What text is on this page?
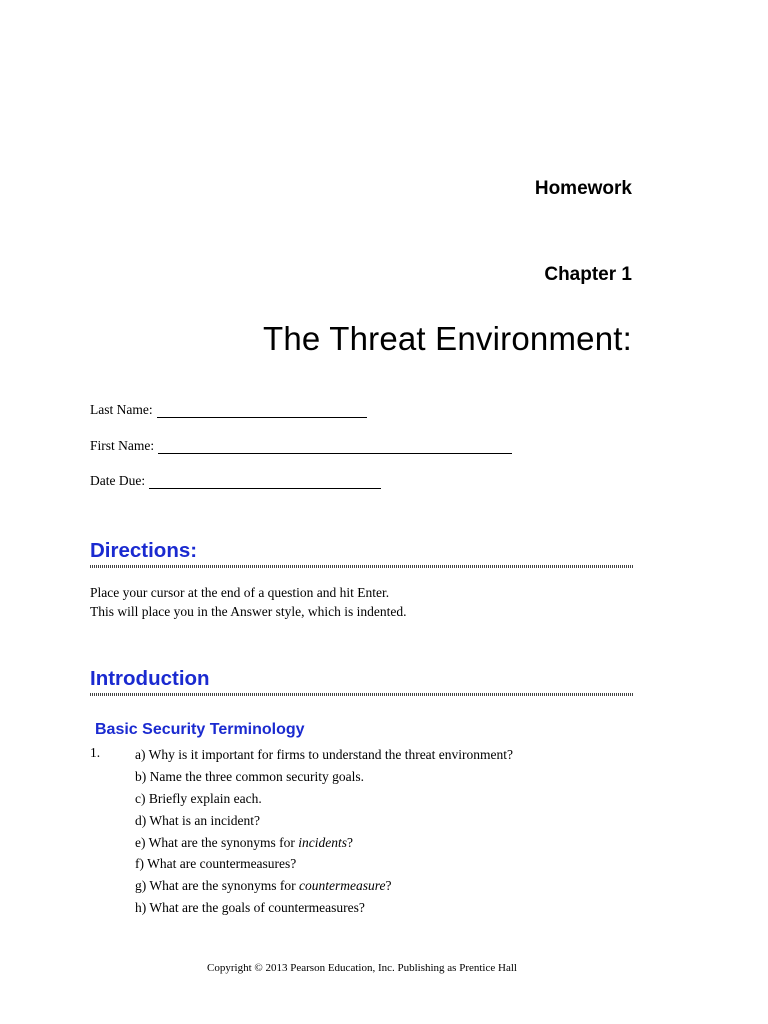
Homework
Chapter 1
The Threat Environment:
Last Name:
First Name:
Date Due:
Directions:
Place your cursor at the end of a question and hit Enter.
This will place you in the Answer style, which is indented.
Introduction
Basic Security Terminology
1.	a) Why is it important for firms to understand the threat environment?
b) Name the three common security goals.
c) Briefly explain each.
d) What is an incident?
e) What are the synonyms for incidents?
f) What are countermeasures?
g) What are the synonyms for countermeasure?
h) What are the goals of countermeasures?
Copyright © 2013 Pearson Education, Inc. Publishing as Prentice Hall
